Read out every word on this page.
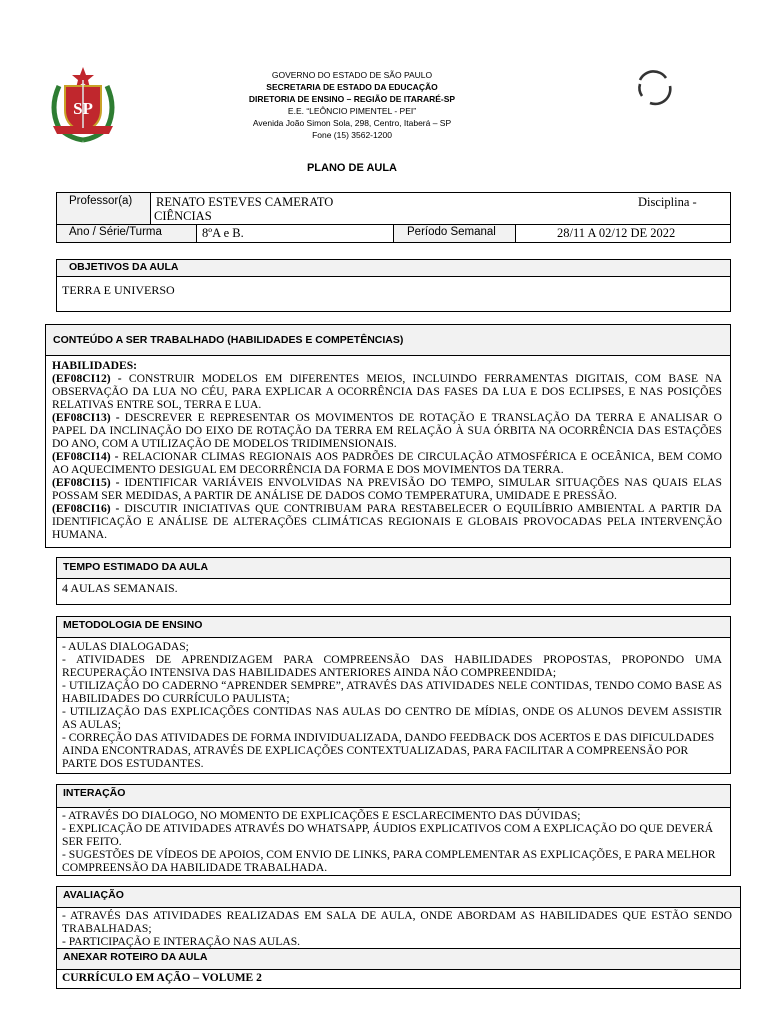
SP
GOVERNO DO ESTADO DE SÃO PAULO
SECRETARIA DE ESTADO DA EDUCAÇÃO
DIRETORIA DE ENSINO – REGIÃO DE ITARARÉ-SP
E.E. “LEÔNCIO PIMENTEL - PEI”
Avenida João Simon Sola, 298, Centro, Itaberá – SP
Fone (15) 3562-1200
PLANO DE AULA
Professor(a) RENATO ESTEVES CAMERATO	Disciplina -
CIÊNCIAS
Ano / Série/Turma	8ºA e B.	Período Semanal	28/11 A 02/12 DE 2022
OBJETIVOS DA AULA
TERRA E UNIVERSO
CONTEÚDO A SER TRABALHADO (HABILIDADES E COMPETÊNCIAS)

HABILIDADES:

(EF08CI12) - CONSTRUIR MODELOS EM DIFERENTES MEIOS, INCLUINDO FERRAMENTAS DIGITAIS, COM BASE NA OBSERVAÇÃO DA LUA NO CÉU, PARA EXPLICAR A OCORRÊNCIA DAS FASES DA LUA E DOS ECLIPSES, E NAS POSIÇÕES RELATIVAS ENTRE SOL, TERRA E LUA.

(EF08CI13) - DESCREVER E REPRESENTAR OS MOVIMENTOS DE ROTAÇÃO E TRANSLAÇÃO DA TERRA E ANALISAR O PAPEL DA INCLINAÇÃO DO EIXO DE ROTAÇÃO DA TERRA EM RELAÇÃO À SUA ÓRBITA NA OCORRÊNCIA DAS ESTAÇÕES DO ANO, COM A UTILIZAÇÃO DE MODELOS TRIDIMENSIONAIS.

(EF08CI14) - RELACIONAR CLIMAS REGIONAIS AOS PADRÕES DE CIRCULAÇÃO ATMOSFÉRICA E OCEÂNICA, BEM COMO AO AQUECIMENTO DESIGUAL EM DECORRÊNCIA DA FORMA E DOS MOVIMENTOS DA TERRA.

(EF08CI15) - IDENTIFICAR VARIÁVEIS ENVOLVIDAS NA PREVISÃO DO TEMPO, SIMULAR SITUAÇÕES NAS QUAIS ELAS POSSAM SER MEDIDAS, A PARTIR DE ANÁLISE DE DADOS COMO TEMPERATURA, UMIDADE E PRESSÃO.

(EF08CI16) - DISCUTIR INICIATIVAS QUE CONTRIBUAM PARA RESTABELECER O EQUILÍBRIO AMBIENTAL A PARTIR DA IDENTIFICAÇÃO E ANÁLISE DE ALTERAÇÕES CLIMÁTICAS REGIONAIS E GLOBAIS PROVOCADAS PELA INTERVENÇÃO HUMANA.

TEMPO ESTIMADO DA AULA
4 AULAS SEMANAIS.
METODOLOGIA DE ENSINO

- AULAS DIALOGADAS;

- ATIVIDADES DE APRENDIZAGEM PARA COMPREENSÃO DAS HABILIDADES PROPOSTAS, PROPONDO UMA RECUPERAÇÃO INTENSIVA DAS HABILIDADES ANTERIORES AINDA NÃO COMPREENDIDA;

- UTILIZAÇÃO DO CADERNO “APRENDER SEMPRE”, ATRAVÉS DAS ATIVIDADES NELE CONTIDAS, TENDO COMO BASE AS HABILIDADES DO CURRÍCULO PAULISTA;

- UTILIZAÇÃO DAS EXPLICAÇÕES CONTIDAS NAS AULAS DO CENTRO DE MÍDIAS, ONDE OS ALUNOS DEVEM ASSISTIR AS AULAS;

- CORREÇÃO DAS ATIVIDADES DE FORMA INDIVIDUALIZADA, DANDO FEEDBACK DOS ACERTOS E DAS DIFICULDADES AINDA ENCONTRADAS, ATRAVÉS DE EXPLICAÇÕES CONTEXTUALIZADAS, PARA FACILITAR A COMPREENSÃO POR PARTE DOS ESTUDANTES.

INTERAÇÃO

- ATRAVÉS DO DIALOGO, NO MOMENTO DE EXPLICAÇÕES E ESCLARECIMENTO DAS DÚVIDAS;

- EXPLICAÇÃO DE ATIVIDADES ATRAVÉS DO WHATSAPP, ÁUDIOS EXPLICATIVOS COM A EXPLICAÇÃO DO QUE DEVERÁ SER FEITO.

- SUGESTÕES DE VÍDEOS DE APOIOS, COM ENVIO DE LINKS, PARA COMPLEMENTAR AS EXPLICAÇÕES, E PARA MELHOR COMPREENSÃO DA HABILIDADE TRABALHADA.

AVALIAÇÃO

- ATRAVÉS DAS ATIVIDADES REALIZADAS EM SALA DE AULA, ONDE ABORDAM AS HABILIDADES QUE ESTÃO SENDO TRABALHADAS;

- PARTICIPAÇÃO E INTERAÇÃO NAS AULAS.

ANEXAR ROTEIRO DA AULA
CURRÍCULO EM AÇÃO – VOLUME 2
